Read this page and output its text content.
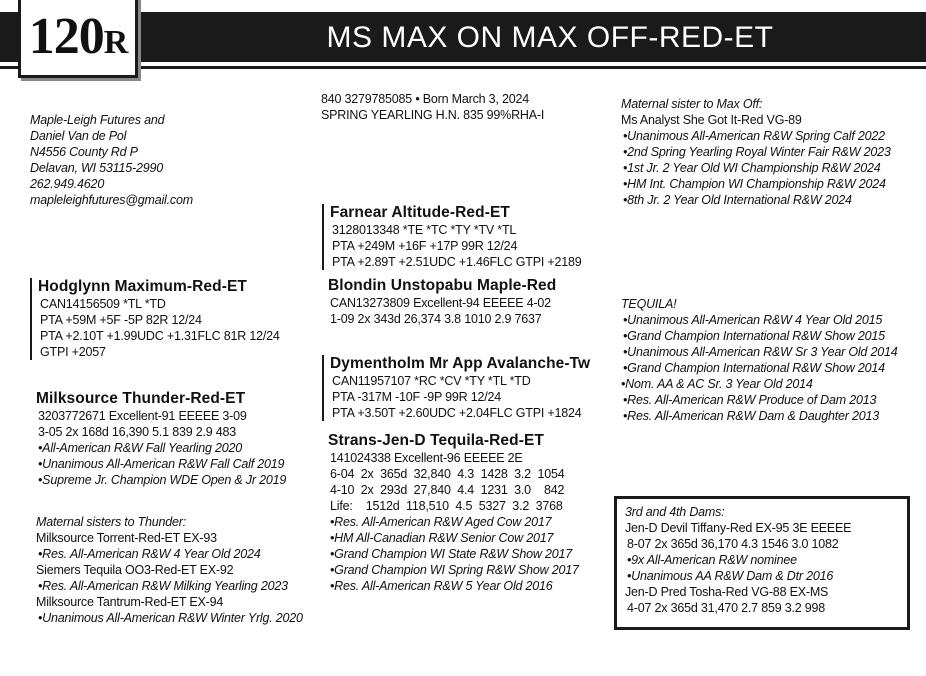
MS MAX ON MAX OFF-RED-ET
120R
Maple-Leigh Futures and
Daniel Van de Pol
N4556 County Rd P
Delavan, WI 53115-2990
262.949.4620
mapleleighfutures@gmail.com
840 3279785085 • Born March 3, 2024
SPRING YEARLING H.N. 835 99%RHA-I
Hodglynn Maximum-Red-ET
CAN14156509 *TL *TD
PTA +59M +5F -5P 82R 12/24
PTA +2.10T +1.99UDC +1.31FLC 81R 12/24
GTPI +2057
Milksource Thunder-Red-ET
3203772671 Excellent-91 EEEEE 3-09
3-05 2x 168d 16,390 5.1 839 2.9 483
•All-American R&W Fall Yearling 2020
•Unanimous All-American R&W Fall Calf 2019
•Supreme Jr. Champion WDE Open & Jr 2019
Maternal sisters to Thunder:
Milksource Torrent-Red-ET EX-93
•Res. All-American R&W 4 Year Old 2024
Siemers Tequila OO3-Red-ET EX-92
•Res. All-American R&W Milking Yearling 2023
Milksource Tantrum-Red-ET EX-94
•Unanimous All-American R&W Winter Yrlg. 2020
Farnear Altitude-Red-ET
3128013348 *TE *TC *TY *TV *TL
PTA +249M +16F +17P 99R 12/24
PTA +2.89T +2.51UDC +1.46FLC GTPI +2189
Blondin Unstopabu Maple-Red
CAN13273809 Excellent-94 EEEEE 4-02
1-09 2x 343d 26,374 3.8 1010 2.9 7637
Dymentholm Mr App Avalanche-Tw
CAN11957107 *RC *CV *TY *TL *TD
PTA -317M -10F -9P 99R 12/24
PTA +3.50T +2.60UDC +2.04FLC GTPI +1824
Strans-Jen-D Tequila-Red-ET
141024338 Excellent-96 EEEEE 2E
6-04  2x  365d  32,840  4.3  1428  3.2  1054
4-10  2x  293d  27,840  4.4  1231  3.0    842
Life:    1512d  118,510  4.5  5327  3.2  3768
•Res. All-American R&W Aged Cow 2017
•HM All-Canadian R&W Senior Cow 2017
•Grand Champion WI State R&W Show 2017
•Grand Champion WI Spring R&W Show 2017
•Res. All-American R&W 5 Year Old 2016
Maternal sister to Max Off:
Ms Analyst She Got It-Red VG-89
•Unanimous All-American R&W Spring Calf 2022
•2nd Spring Yearling Royal Winter Fair R&W 2023
•1st Jr. 2 Year Old WI Championship R&W 2024
•HM Int. Champion WI Championship R&W 2024
•8th Jr. 2 Year Old International R&W 2024
TEQUILA!
•Unanimous All-American R&W 4 Year Old 2015
•Grand Champion International R&W Show 2015
•Unanimous All-American R&W Sr 3 Year Old 2014
•Grand Champion International R&W Show 2014
•Nom. AA & AC Sr. 3 Year Old 2014
•Res. All-American R&W Produce of Dam 2013
•Res. All-American R&W Dam & Daughter 2013
3rd and 4th Dams:
Jen-D Devil Tiffany-Red EX-95 3E EEEEE
8-07 2x 365d 36,170 4.3 1546 3.0 1082
•9x All-American R&W nominee
•Unanimous AA R&W Dam & Dtr 2016
Jen-D Pred Tosha-Red VG-88 EX-MS
4-07 2x 365d 31,470 2.7 859 3.2 998
